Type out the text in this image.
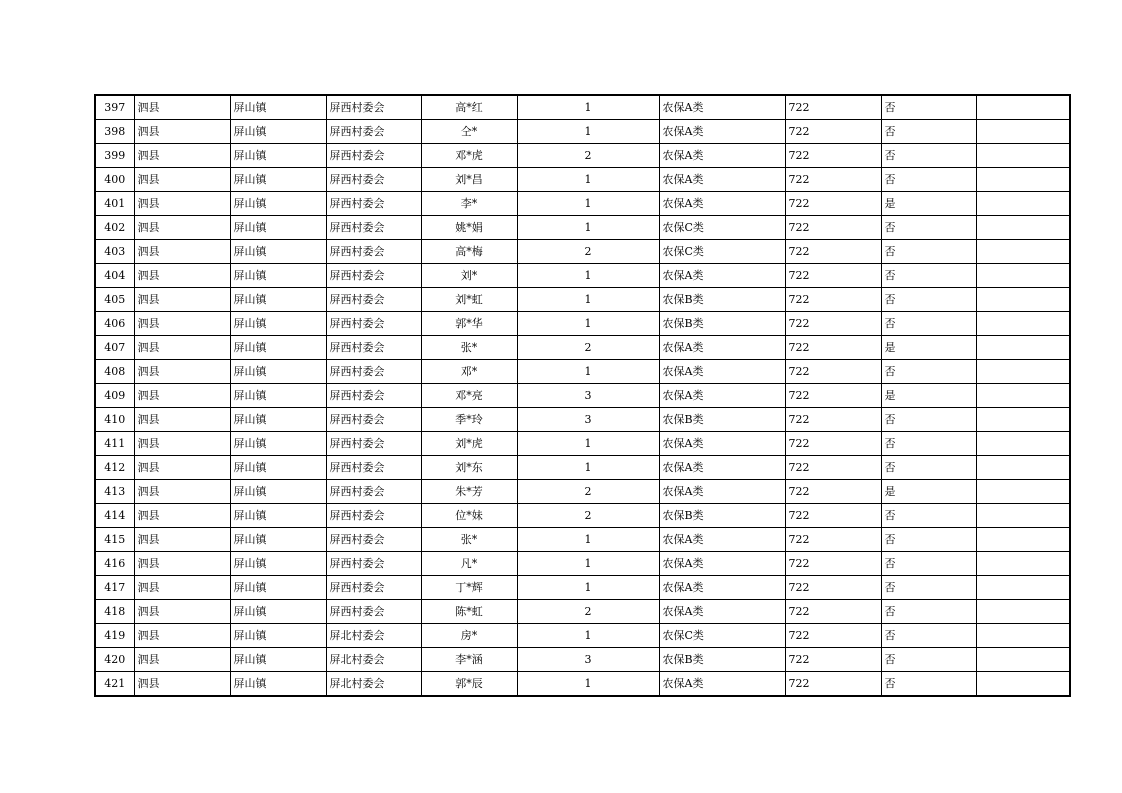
397	泗县	屏山镇	屏西村委会	高*红	1	农保A类	722	否	
398	泗县	屏山镇	屏西村委会	仝*	1	农保A类	722	否	
399	泗县	屏山镇	屏西村委会	邓*虎	2	农保A类	722	否	
400	泗县	屏山镇	屏西村委会	刘*昌	1	农保A类	722	否	
401	泗县	屏山镇	屏西村委会	李*	1	农保A类	722	是	
402	泗县	屏山镇	屏西村委会	姚*娟	1	农保C类	722	否	
403	泗县	屏山镇	屏西村委会	高*梅	2	农保C类	722	否	
404	泗县	屏山镇	屏西村委会	刘*	1	农保A类	722	否	
405	泗县	屏山镇	屏西村委会	刘*虹	1	农保B类	722	否	
406	泗县	屏山镇	屏西村委会	郭*华	1	农保B类	722	否	
407	泗县	屏山镇	屏西村委会	张*	2	农保A类	722	是	
408	泗县	屏山镇	屏西村委会	邓*	1	农保A类	722	否	
409	泗县	屏山镇	屏西村委会	邓*亮	3	农保A类	722	是	
410	泗县	屏山镇	屏西村委会	季*玲	3	农保B类	722	否	
411	泗县	屏山镇	屏西村委会	刘*虎	1	农保A类	722	否	
412	泗县	屏山镇	屏西村委会	刘*东	1	农保A类	722	否	
413	泗县	屏山镇	屏西村委会	朱*芳	2	农保A类	722	是	
414	泗县	屏山镇	屏西村委会	位*妹	2	农保B类	722	否	
415	泗县	屏山镇	屏西村委会	张*	1	农保A类	722	否	
416	泗县	屏山镇	屏西村委会	凡*	1	农保A类	722	否	
417	泗县	屏山镇	屏西村委会	丁*辉	1	农保A类	722	否	
418	泗县	屏山镇	屏西村委会	陈*虹	2	农保A类	722	否	
419	泗县	屏山镇	屏北村委会	房*	1	农保C类	722	否	
420	泗县	屏山镇	屏北村委会	李*涵	3	农保B类	722	否	
421	泗县	屏山镇	屏北村委会	郭*辰	1	农保A类	722	否	
